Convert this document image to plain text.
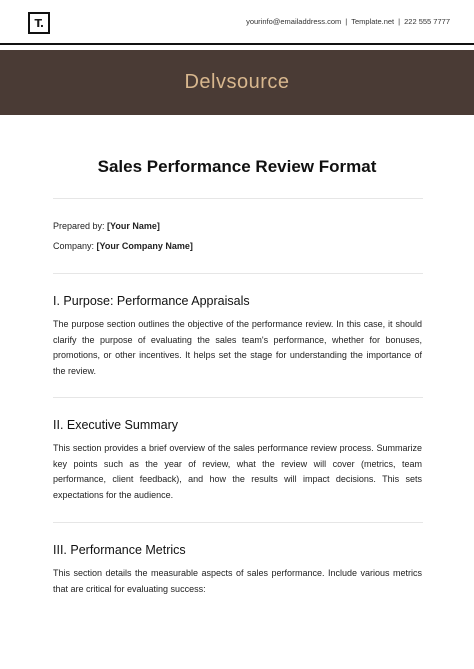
T.	yourinfo@emailaddress.com | Template.net | 222 555 7777
Delvsource
Sales Performance Review Format
Prepared by: [Your Name]
Company: [Your Company Name]
I. Purpose: Performance Appraisals
The purpose section outlines the objective of the performance review. In this case, it should clarify the purpose of evaluating the sales team's performance, whether for bonuses, promotions, or other incentives. It helps set the stage for understanding the importance of the review.
II. Executive Summary
This section provides a brief overview of the sales performance review process. Summarize key points such as the year of review, what the review will cover (metrics, team performance, client feedback), and how the results will impact decisions. This sets expectations for the audience.
III. Performance Metrics
This section details the measurable aspects of sales performance. Include various metrics that are critical for evaluating success:
